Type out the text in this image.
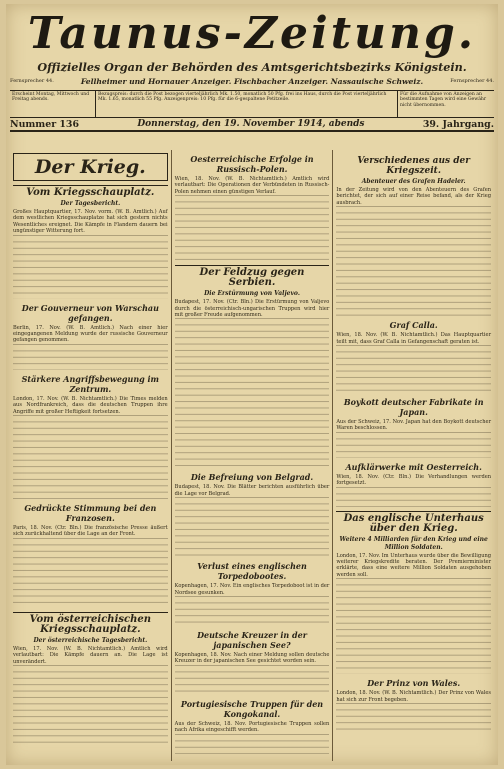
Taunus-Zeitung.
Offizielles Organ der Behörden des Amtsgerichtsbezirks Königstein.
Fernsprecher 44.	Fellheimer und Hornauer Anzeiger. Fischbacher Anzeiger. Nassauische Schweiz.	Fernsprecher 44.
Erscheint Montag, Mittwoch und Freitag abends.
Bezugspreis: durch die Post bezogen vierteljährlich Mk. 1.50, monatlich 50 Pfg. frei ins Haus, durch die Post vierteljährlich Mk. 1.65, monatlich 55 Pfg. Anzeigenpreis: 10 Pfg. für die 6-gespaltene Petitzeile.
Für die Aufnahme von Anzeigen an bestimmten Tagen wird eine Gewähr nicht übernommen.
Nummer 136	Donnerstag, den 19. November 1914, abends	39. Jahrgang.
Der Krieg.
Vom Kriegsschauplatz.
Der Tagesbericht.
Großes Hauptquartier, 17. Nov. vorm. (W. B. Amtlich.) Auf dem westlichen Kriegsschauplatze hat sich gestern nichts Wesentliches ereignet. Die Kämpfe in Flandern dauern bei ungünstiger Witterung fort.
Der Gouverneur von Warschau gefangen.
Berlin, 17. Nov. (W. B. Amtlich.) Nach einer hier eingegangenen Meldung wurde der russische Gouverneur gefangen genommen.
Stärkere Angriffsbewegung im Zentrum.
London, 17. Nov. (W. B. Nichtamtlich.) Die Times melden aus Nordfrankreich, dass die deutschen Truppen ihre Angriffe mit großer Heftigkeit fortsetzen.
Gedrückte Stimmung bei den Franzosen.
Paris, 18. Nov. (Ctr. Bln.) Die französische Presse äußert sich zurückhaltend über die Lage an der Front.
Vom österreichischen Kriegsschauplatz.
Der österreichische Tagesbericht.
Wien, 17. Nov. (W. B. Nichtamtlich.) Amtlich wird verlautbart: Die Kämpfe dauern an. Die Lage ist unverändert.
Oesterreichische Erfolge in Russisch-Polen.
Wien, 18. Nov. (W. B. Nichtamtlich.) Amtlich wird verlautbart: Die Operationen der Verbündeten in Russisch-Polen nehmen einen günstigen Verlauf.
Der Feldzug gegen Serbien.
Die Erstürmung von Valjevo.
Budapest, 17. Nov. (Ctr. Bln.) Die Erstürmung von Valjevo durch die österreichisch-ungarischen Truppen wird hier mit großer Freude aufgenommen.
Die Befreiung von Belgrad.
Budapest, 18. Nov. Die Blätter berichten ausführlich über die Lage vor Belgrad.
Verlust eines englischen Torpedobootes.
Kopenhagen, 17. Nov. Ein englisches Torpedoboot ist in der Nordsee gesunken.
Deutsche Kreuzer in der japanischen See?
Kopenhagen, 18. Nov. Nach einer Meldung sollen deutsche Kreuzer in der japanischen See gesichtet worden sein.
Portugiesische Truppen für den Kongokanal.
Aus der Schweiz, 18. Nov. Portugiesische Truppen sollen nach Afrika eingeschifft werden.
Verschiedenes aus der Kriegszeit.
Abenteuer des Grafen Hadeler.
In der Zeitung wird von den Abenteuern des Grafen berichtet, der sich auf einer Reise befand, als der Krieg ausbrach.
Graf Calla.
Wien, 18. Nov. (W. B. Nichtamtlich.) Das Hauptquartier teilt mit, dass Graf Calla in Gefangenschaft geraten ist.
Boykott deutscher Fabrikate in Japan.
Aus der Schweiz, 17. Nov. Japan hat den Boykott deutscher Waren beschlossen.
Aufklärwerke mit Oesterreich.
Wien, 18. Nov. (Ctr. Bln.) Die Verhandlungen werden fortgesetzt.
Das englische Unterhaus über den Krieg.
Weitere 4 Milliarden für den Krieg und eine Million Soldaten.
London, 17. Nov. Im Unterhaus wurde über die Bewilligung weiterer Kriegskredite beraten. Der Premierminister erklärte, dass eine weitere Million Soldaten ausgehoben werden soll.
Der Prinz von Wales.
London, 18. Nov. (W. B. Nichtamtlich.) Der Prinz von Wales hat sich zur Front begeben.
